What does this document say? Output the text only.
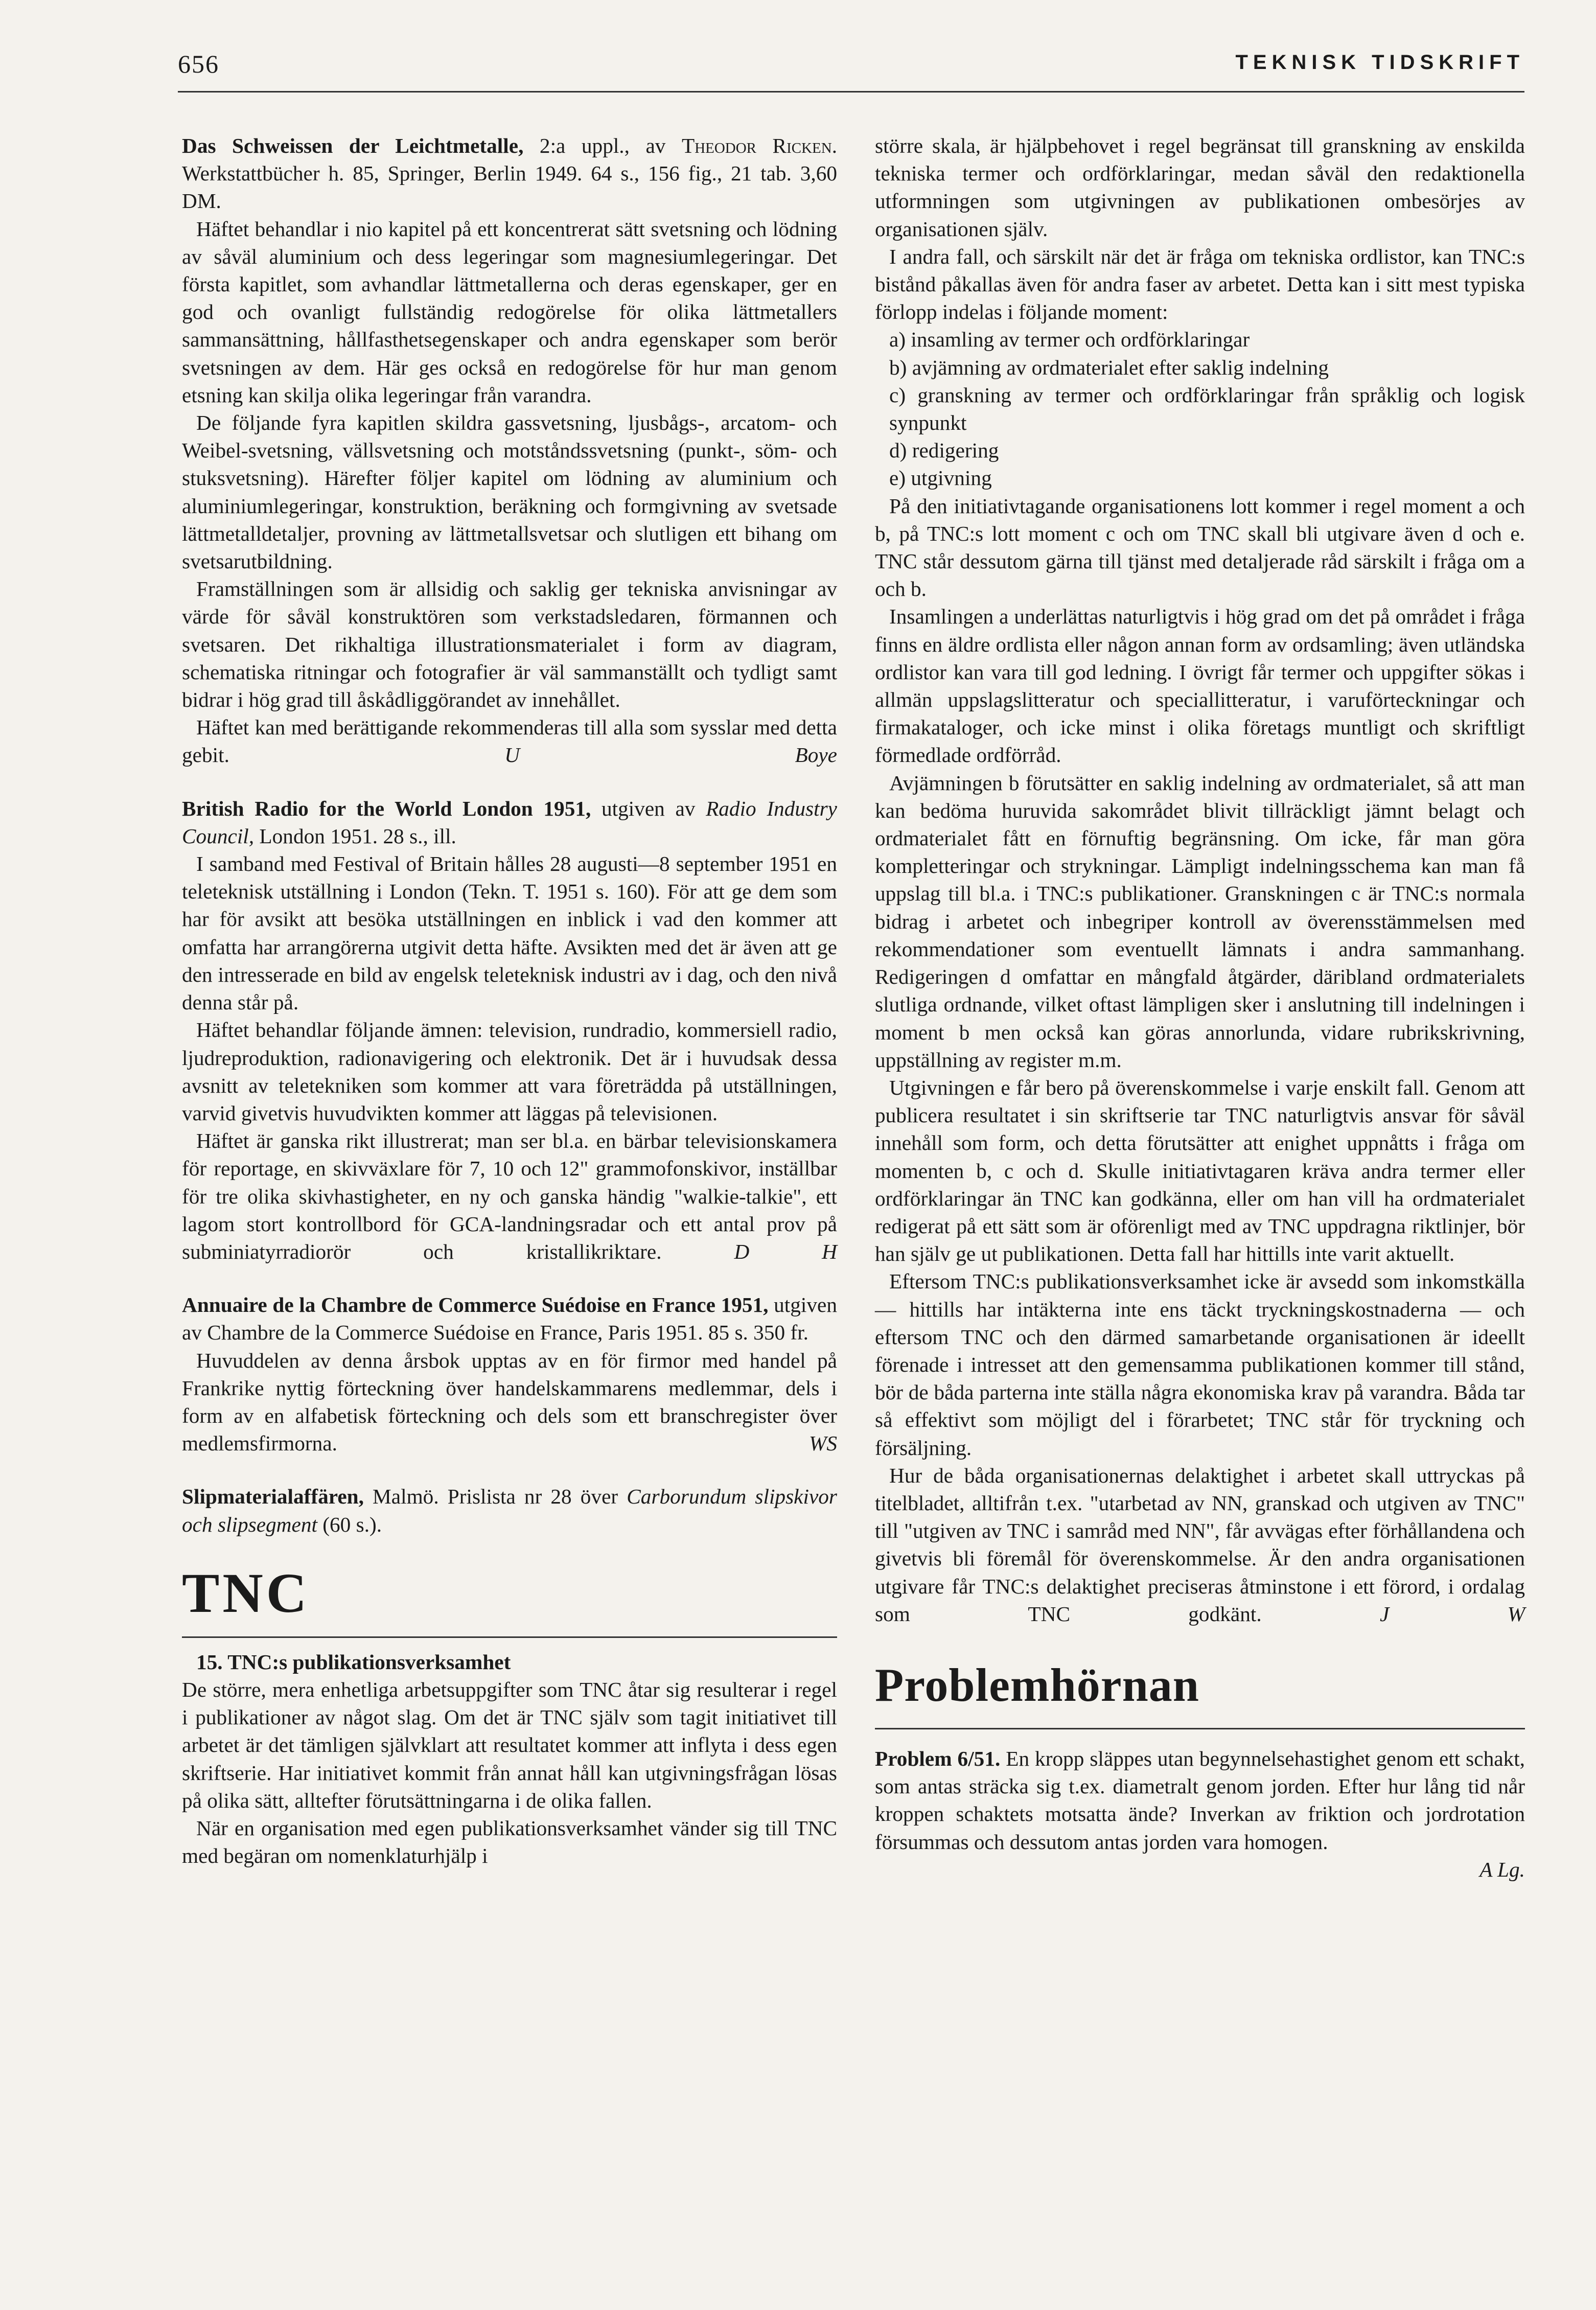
656	TEKNISK TIDSKRIFT

Das Schweissen der Leichtmetalle, 2:a uppl., av Theodor Ricken. Werkstattbücher h. 85, Springer, Berlin 1949. 64 s., 156 fig., 21 tab. 3,60 DM.

Häftet behandlar i nio kapitel på ett koncentrerat sätt svetsning och lödning av såväl aluminium och dess legeringar som magnesiumlegeringar. Det första kapitlet, som avhandlar lättmetallerna och deras egenskaper, ger en god och ovanligt fullständig redogörelse för olika lättmetallers sammansättning, hållfasthetsegenskaper och andra egenskaper som berör svetsningen av dem. Här ges också en redogörelse för hur man genom etsning kan skilja olika legeringar från varandra.

De följande fyra kapitlen skildra gassvetsning, ljusbågs-, arcatom- och Weibel-svetsning, vällsvetsning och motståndssvetsning (punkt-, söm- och stuksvetsning). Härefter följer kapitel om lödning av aluminium och aluminiumlegeringar, konstruktion, beräkning och formgivning av svetsade lättmetalldetaljer, provning av lättmetallsvetsar och slutligen ett bihang om svetsarutbildning.

Framställningen som är allsidig och saklig ger tekniska anvisningar av värde för såväl konstruktören som verkstadsledaren, förmannen och svetsaren. Det rikhaltiga illustrationsmaterialet i form av diagram, schematiska ritningar och fotografier är väl sammanställt och tydligt samt bidrar i hög grad till åskådliggörandet av innehållet.

Häftet kan med berättigande rekommenderas till alla som sysslar med detta gebit.	U Boye

British Radio for the World London 1951, utgiven av Radio Industry Council, London 1951. 28 s., ill.

I samband med Festival of Britain hålles 28 augusti—8 september 1951 en teleteknisk utställning i London (Tekn. T. 1951 s. 160). För att ge dem som har för avsikt att besöka utställningen en inblick i vad den kommer att omfatta har arrangörerna utgivit detta häfte. Avsikten med det är även att ge den intresserade en bild av engelsk teleteknisk industri av i dag, och den nivå denna står på.

Häftet behandlar följande ämnen: television, rundradio, kommersiell radio, ljudreproduktion, radionavigering och elektronik. Det är i huvudsak dessa avsnitt av teletekniken som kommer att vara företrädda på utställningen, varvid givetvis huvudvikten kommer att läggas på televisionen.

Häftet är ganska rikt illustrerat; man ser bl.a. en bärbar televisionskamera för reportage, en skivväxlare för 7, 10 och 12" grammofonskivor, inställbar för tre olika skivhastigheter, en ny och ganska händig "walkie-talkie", ett lagom stort kontrollbord för GCA-landningsradar och ett antal prov på subminiatyrradiorör och kristallikriktare.	D H

Annuaire de la Chambre de Commerce Suédoise en France 1951, utgiven av Chambre de la Commerce Suédoise en France, Paris 1951. 85 s. 350 fr.

Huvuddelen av denna årsbok upptas av en för firmor med handel på Frankrike nyttig förteckning över handelskammarens medlemmar, dels i form av en alfabetisk förteckning och dels som ett branschregister över medlemsfirmorna.	WS

Slipmaterialaffären, Malmö. Prislista nr 28 över Carborundum slipskivor och slipsegment (60 s.).

TNC

15. TNC:s publikationsverksamhet

De större, mera enhetliga arbetsuppgifter som TNC åtar sig resulterar i regel i publikationer av något slag. Om det är TNC själv som tagit initiativet till arbetet är det tämligen självklart att resultatet kommer att inflyta i dess egen skriftserie. Har initiativet kommit från annat håll kan utgivningsfrågan lösas på olika sätt, alltefter förutsättningarna i de olika fallen.

När en organisation med egen publikationsverksamhet vänder sig till TNC med begäran om nomenklaturhjälp i

större skala, är hjälpbehovet i regel begränsat till granskning av enskilda tekniska termer och ordförklaringar, medan såväl den redaktionella utformningen som utgivningen av publikationen ombesörjes av organisationen själv.

I andra fall, och särskilt när det är fråga om tekniska ordlistor, kan TNC:s bistånd påkallas även för andra faser av arbetet. Detta kan i sitt mest typiska förlopp indelas i följande moment:

a) insamling av termer och ordförklaringar
b) avjämning av ordmaterialet efter saklig indelning
c) granskning av termer och ordförklaringar från språklig och logisk synpunkt
d) redigering
e) utgivning

På den initiativtagande organisationens lott kommer i regel moment a och b, på TNC:s lott moment c och om TNC skall bli utgivare även d och e. TNC står dessutom gärna till tjänst med detaljerade råd särskilt i fråga om a och b.

Insamlingen a underlättas naturligtvis i hög grad om det på området i fråga finns en äldre ordlista eller någon annan form av ordsamling; även utländska ordlistor kan vara till god ledning. I övrigt får termer och uppgifter sökas i allmän uppslagslitteratur och speciallitteratur, i varuförteckningar och firmakataloger, och icke minst i olika företags muntligt och skriftligt förmedlade ordförråd.

Avjämningen b förutsätter en saklig indelning av ordmaterialet, så att man kan bedöma huruvida sakområdet blivit tillräckligt jämnt belagt och ordmaterialet fått en förnuftig begränsning. Om icke, får man göra kompletteringar och strykningar. Lämpligt indelningsschema kan man få uppslag till bl.a. i TNC:s publikationer. Granskningen c är TNC:s normala bidrag i arbetet och inbegriper kontroll av överensstämmelsen med rekommendationer som eventuellt lämnats i andra sammanhang. Redigeringen d omfattar en mångfald åtgärder, däribland ordmaterialets slutliga ordnande, vilket oftast lämpligen sker i anslutning till indelningen i moment b men också kan göras annorlunda, vidare rubrikskrivning, uppställning av register m.m.

Utgivningen e får bero på överenskommelse i varje enskilt fall. Genom att publicera resultatet i sin skriftserie tar TNC naturligtvis ansvar för såväl innehåll som form, och detta förutsätter att enighet uppnåtts i fråga om momenten b, c och d. Skulle initiativtagaren kräva andra termer eller ordförklaringar än TNC kan godkänna, eller om han vill ha ordmaterialet redigerat på ett sätt som är oförenligt med av TNC uppdragna riktlinjer, bör han själv ge ut publikationen. Detta fall har hittills inte varit aktuellt.

Eftersom TNC:s publikationsverksamhet icke är avsedd som inkomstkälla — hittills har intäkterna inte ens täckt tryckningskostnaderna — och eftersom TNC och den därmed samarbetande organisationen är ideellt förenade i intresset att den gemensamma publikationen kommer till stånd, bör de båda parterna inte ställa några ekonomiska krav på varandra. Båda tar så effektivt som möjligt del i förarbetet; TNC står för tryckning och försäljning.

Hur de båda organisationernas delaktighet i arbetet skall uttryckas på titelbladet, alltifrån t.ex. "utarbetad av NN, granskad och utgiven av TNC" till "utgiven av TNC i samråd med NN", får avvägas efter förhållandena och givetvis bli föremål för överenskommelse. Är den andra organisationen utgivare får TNC:s delaktighet preciseras åtminstone i ett förord, i ordalag som TNC godkänt.	J W

Problemhörnan

Problem 6/51. En kropp släppes utan begynnelsehastighet genom ett schakt, som antas sträcka sig t.ex. diametralt genom jorden. Efter hur lång tid når kroppen schaktets motsatta ände? Inverkan av friktion och jordrotation försummas och dessutom antas jorden vara homogen.

A Lg.
